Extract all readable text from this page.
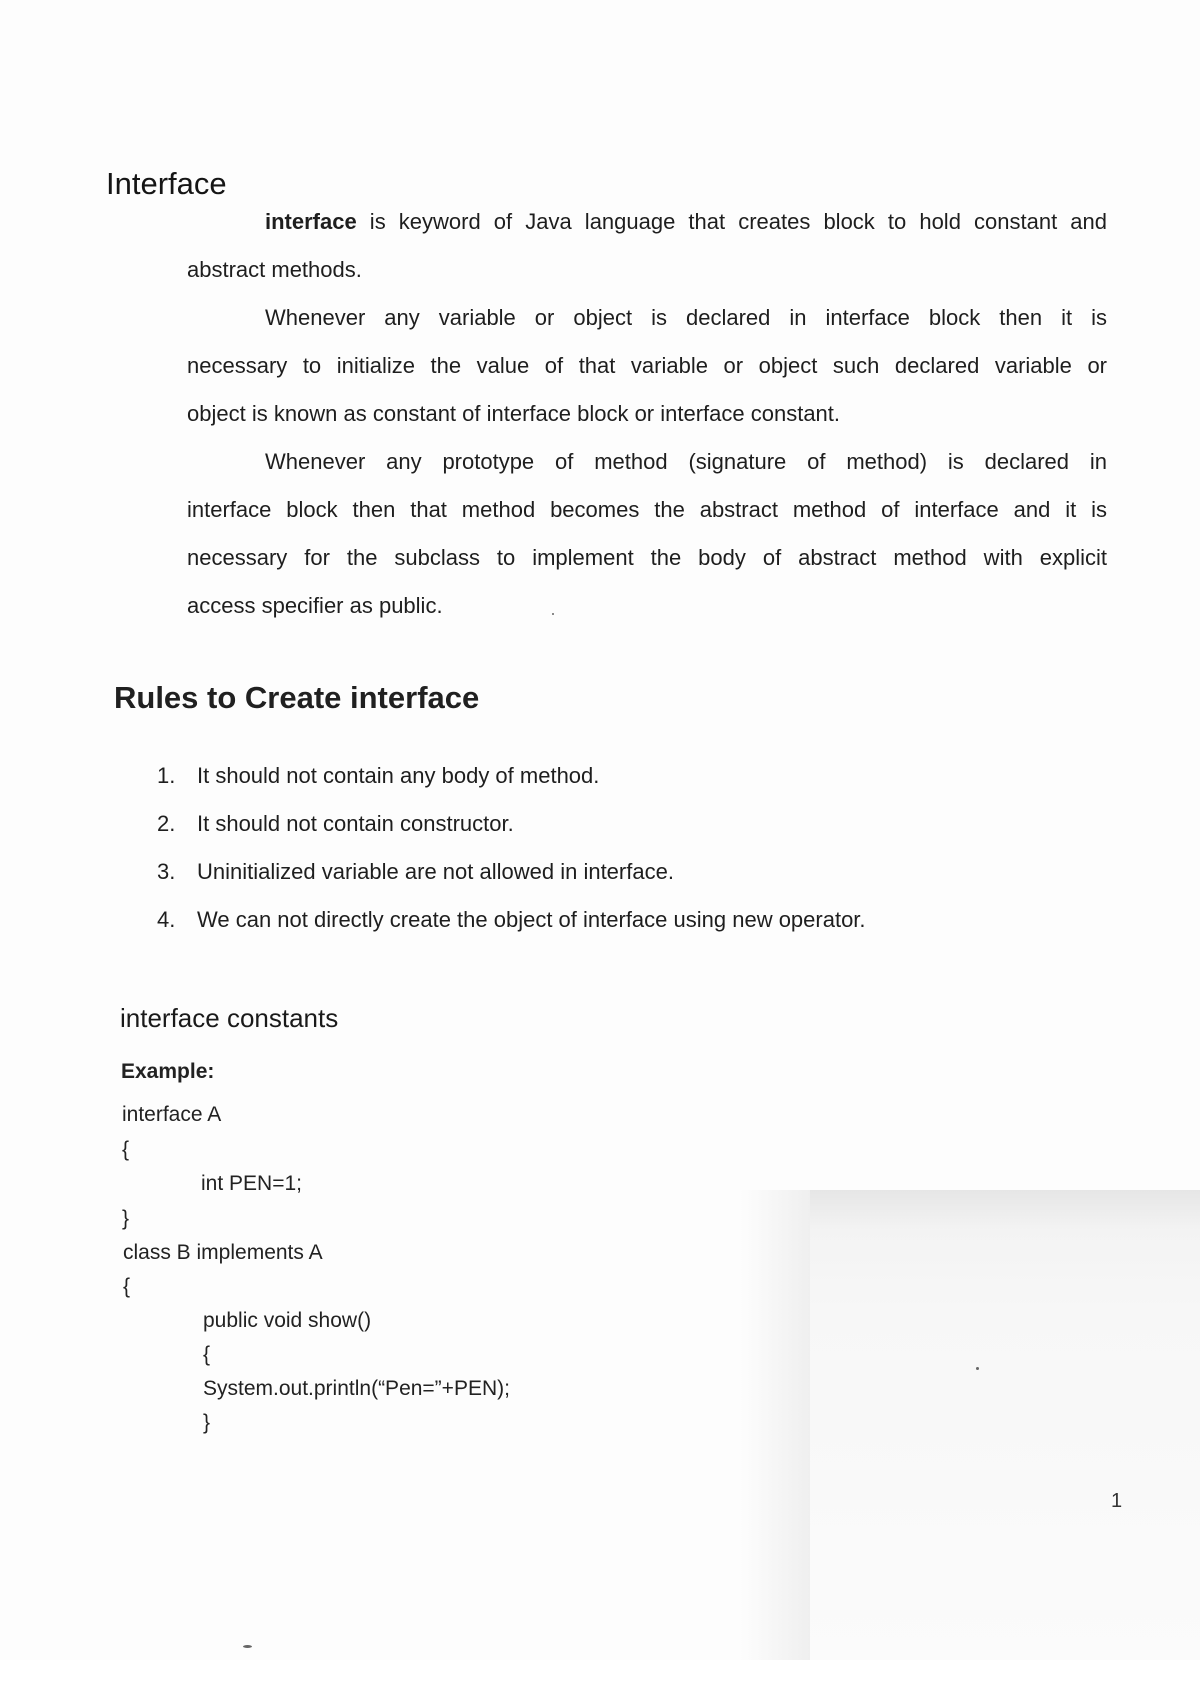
Interface
interface is keyword of Java language that creates block to hold constant and
abstract methods.
Whenever any variable or object is declared in interface block then it is
necessary to initialize the value of that variable or object such declared variable or
object is known as constant of interface block or interface constant.
Whenever any prototype of method (signature of method) is declared in
interface block then that method becomes the abstract method of interface and it is
necessary for the subclass to implement the body of abstract method with explicit
access specifier as public.
Rules to Create interface
1. It should not contain any body of method.
2. It should not contain constructor.
3. Uninitialized variable are not allowed in interface.
4. We can not directly create the object of interface using new operator.
interface constants
Example:
interface A
{
int PEN=1;
}
class B implements A
{
public void show()
{
System.out.println(“Pen=”+PEN);
}
1
